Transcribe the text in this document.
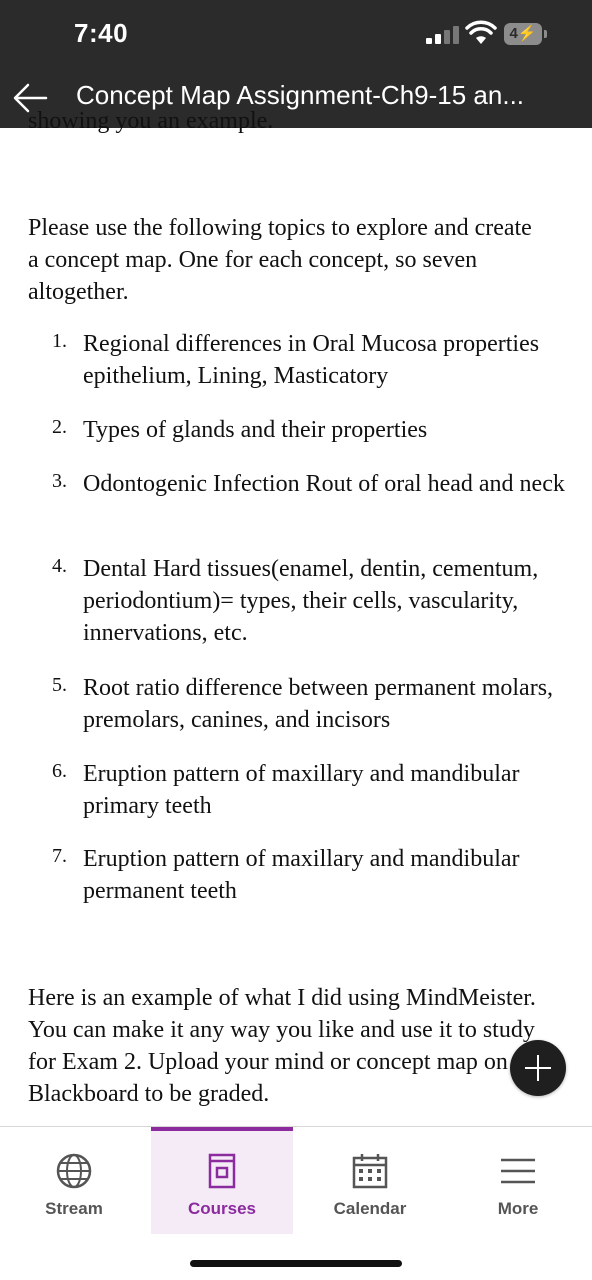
7:40	4⚡
Concept Map Assignment-Ch9-15 an...
showing you an example.

Please use the following topics to explore and create a concept map. One for each concept, so seven altogether.

1. Regional differences in Oral Mucosa properties epithelium, Lining, Masticatory

2. Types of glands and their properties

3. Odontogenic Infection Rout of oral head and neck

4. Dental Hard tissues(enamel, dentin, cementum, periodontium)= types, their cells, vascularity, innervations, etc.

5. Root ratio difference between permanent molars, premolars, canines, and incisors

6. Eruption pattern of maxillary and mandibular primary teeth

7. Eruption pattern of maxillary and mandibular permanent teeth

Here is an example of what I did using MindMeister. You can make it any way you like and use it to study for Exam 2. Upload your mind or concept map on Blackboard to be graded.

Stream	Courses	Calendar	More
